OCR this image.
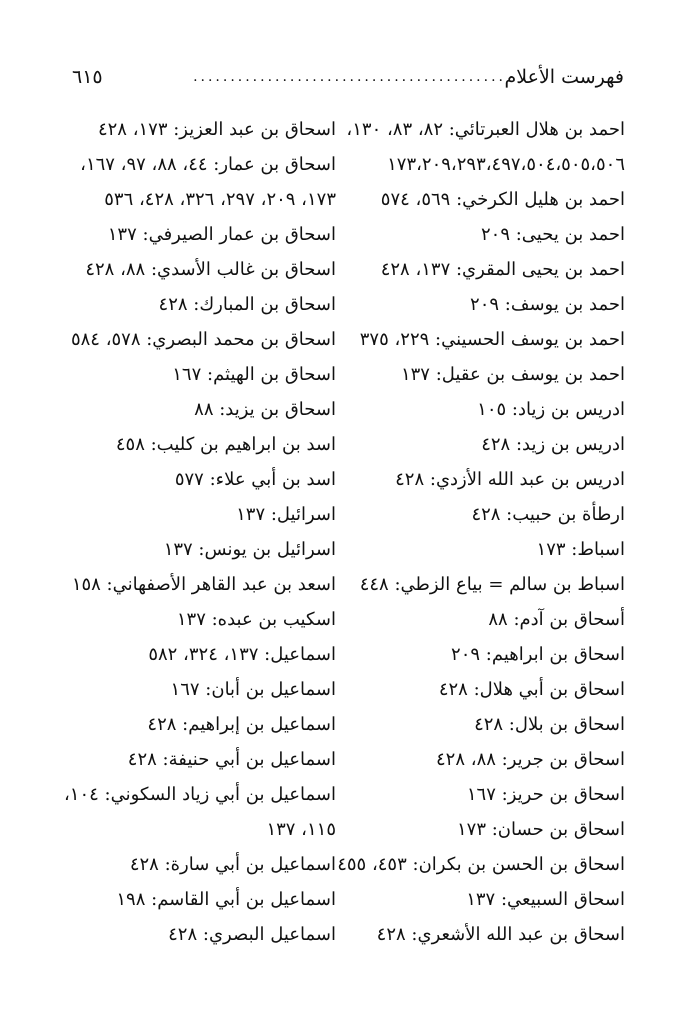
فهرست الأعلام
..........................................
٦١٥
احمد بن هلال العبرتائي: ٨٢، ٨٣، ١٣٠،
١٧٣،٢٠٩،٢٩٣،٤٩٧،٥٠٤،٥٠٥،٥٠٦
احمد بن هليل الكرخي: ٥٦٩، ٥٧٤
احمد بن يحيى: ٢٠٩
احمد بن يحيى المقري: ١٣٧، ٤٢٨
احمد بن يوسف: ٢٠٩
احمد بن يوسف الحسيني: ٢٢٩، ٣٧٥
احمد بن يوسف بن عقيل: ١٣٧
ادريس بن زياد: ١٠٥
ادريس بن زيد: ٤٢٨
ادريس بن عبد الله الأزدي: ٤٢٨
ارطأة بن حبيب: ٤٢٨
اسباط: ١٧٣
اسباط بن سالم = بياع الزطي: ٤٤٨
أسحاق بن آدم: ٨٨
اسحاق بن ابراهيم: ٢٠٩
اسحاق بن أبي هلال: ٤٢٨
اسحاق بن بلال: ٤٢٨
اسحاق بن جرير: ٨٨، ٤٢٨
اسحاق بن حريز: ١٦٧
اسحاق بن حسان: ١٧٣
اسحاق بن الحسن بن بكران: ٤٥٣، ٤٥٥
اسحاق السبيعي: ١٣٧
اسحاق بن عبد الله الأشعري: ٤٢٨
اسحاق بن عبد العزيز: ١٧٣، ٤٢٨
اسحاق بن عمار: ٤٤، ٨٨، ٩٧، ١٦٧،
١٧٣، ٢٠٩، ٢٩٧، ٣٢٦، ٤٢٨، ٥٣٦
اسحاق بن عمار الصيرفي: ١٣٧
اسحاق بن غالب الأسدي: ٨٨، ٤٢٨
اسحاق بن المبارك: ٤٢٨
اسحاق بن محمد البصري: ٥٧٨، ٥٨٤
اسحاق بن الهيثم: ١٦٧
اسحاق بن يزيد: ٨٨
اسد بن ابراهيم بن كليب: ٤٥٨
اسد بن أبي علاء: ٥٧٧
اسرائيل: ١٣٧
اسرائيل بن يونس: ١٣٧
اسعد بن عبد القاهر الأصفهاني: ١٥٨
اسكيب بن عبده: ١٣٧
اسماعيل: ١٣٧، ٣٢٤، ٥٨٢
اسماعيل بن أبان: ١٦٧
اسماعيل بن إبراهيم: ٤٢٨
اسماعيل بن أبي حنيفة: ٤٢٨
اسماعيل بن أبي زياد السكوني: ١٠٤،
١١٥، ١٣٧
اسماعيل بن أبي سارة: ٤٢٨
اسماعيل بن أبي القاسم: ١٩٨
اسماعيل البصري: ٤٢٨
